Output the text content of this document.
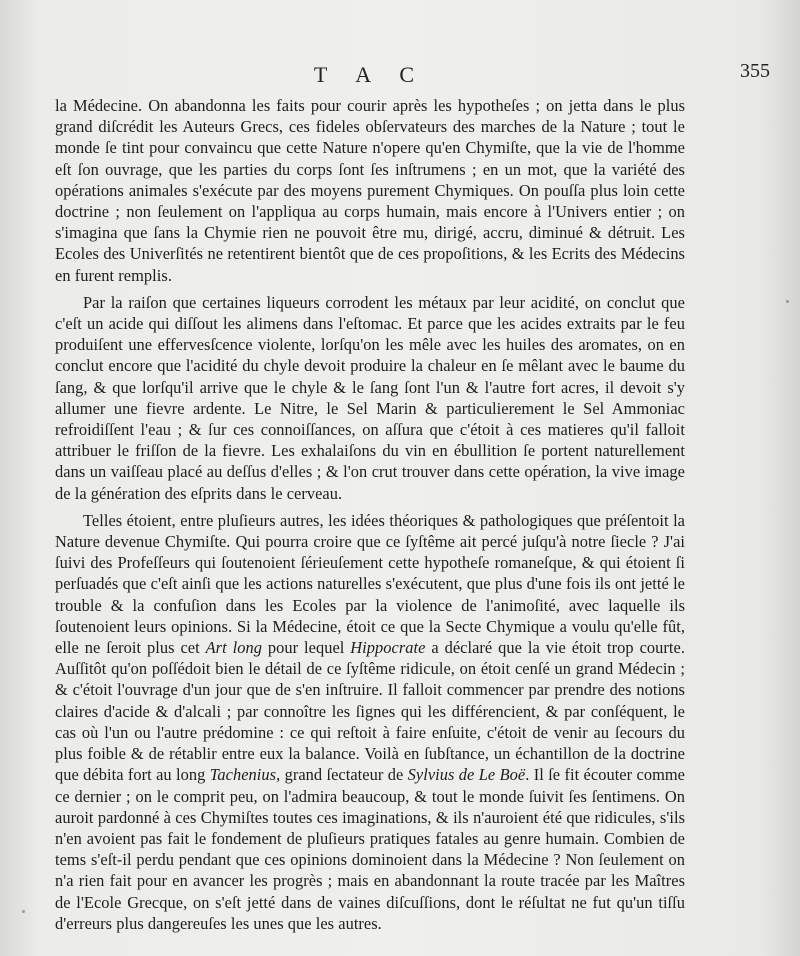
T A C	355

la Médecine. On abandonna les faits pour courir après les hypotheſes ; on jetta dans le plus grand diſcrédit les Auteurs Grecs, ces fideles obſervateurs des marches de la Nature ; tout le monde ſe tint pour convaincu que cette Nature n'opere qu'en Chymiſte, que la vie de l'homme eſt ſon ouvrage, que les parties du corps ſont ſes inſtrumens ; en un mot, que la variété des opérations animales s'exécute par des moyens purement Chymiques. On pouſſa plus loin cette doctrine ; non ſeulement on l'appliqua au corps humain, mais encore à l'Univers entier ; on s'imagina que ſans la Chymie rien ne pouvoit être mu, dirigé, accru, diminué & détruit. Les Ecoles des Univerſités ne retentirent bientôt que de ces propoſitions, & les Ecrits des Médecins en furent remplis.

Par la raiſon que certaines liqueurs corrodent les métaux par leur acidité, on conclut que c'eſt un acide qui diſſout les alimens dans l'eſtomac. Et parce que les acides extraits par le feu produiſent une effervesſcence violente, lorſqu'on les mêle avec les huiles des aromates, on en conclut encore que l'acidité du chyle devoit produire la chaleur en ſe mêlant avec le baume du ſang, & que lorſqu'il arrive que le chyle & le ſang ſont l'un & l'autre fort acres, il devoit s'y allumer une fievre ardente. Le Nitre, le Sel Marin & particulierement le Sel Ammoniac refroidiſſent l'eau ; & ſur ces connoiſſances, on aſſura que c'étoit à ces matieres qu'il falloit attribuer le friſſon de la fievre. Les exhalaiſons du vin en ébullition ſe portent naturellement dans un vaiſſeau placé au deſſus d'elles ; & l'on crut trouver dans cette opération, la vive image de la génération des eſprits dans le cerveau.

Telles étoient, entre pluſieurs autres, les idées théoriques & pathologiques que préſentoit la Nature devenue Chymiſte. Qui pourra croire que ce ſyſtême ait percé juſqu'à notre ſiecle ? J'ai ſuivi des Profeſſeurs qui ſoutenoient ſérieuſement cette hypotheſe romaneſque, & qui étoient ſi perſuadés que c'eſt ainſi que les actions naturelles s'exécutent, que plus d'une fois ils ont jetté le trouble & la confuſion dans les Ecoles par la violence de l'animoſité, avec laquelle ils ſoutenoient leurs opinions. Si la Médecine, étoit ce que la Secte Chymique a voulu qu'elle fût, elle ne ſeroit plus cet Art long pour lequel Hippocrate a déclaré que la vie étoit trop courte. Auſſitôt qu'on poſſédoit bien le détail de ce ſyſtême ridicule, on étoit cenſé un grand Médecin ; & c'étoit l'ouvrage d'un jour que de s'en inſtruire. Il falloit commencer par prendre des notions claires d'acide & d'alcali ; par connoître les ſignes qui les différencient, & par conſéquent, le cas où l'un ou l'autre prédomine : ce qui reſtoit à faire enſuite, c'étoit de venir au ſecours du plus foible & de rétablir entre eux la balance. Voilà en ſubſtance, un échantillon de la doctrine que débita fort au long Tachenius, grand ſectateur de Sylvius de Le Boë. Il ſe fit écouter comme ce dernier ; on le comprit peu, on l'admira beaucoup, & tout le monde ſuivit ſes ſentimens. On auroit pardonné à ces Chymiſtes toutes ces imaginations, & ils n'auroient été que ridicules, s'ils n'en avoient pas fait le fondement de pluſieurs pratiques fatales au genre humain. Combien de tems s'eſt-il perdu pendant que ces opinions dominoient dans la Médecine ? Non ſeulement on n'a rien fait pour en avancer les progrès ; mais en abandonnant la route tracée par les Maîtres de l'Ecole Grecque, on s'eſt jetté dans de vaines diſcuſſions, dont le réſultat ne fut qu'un tiſſu d'erreurs plus dangereuſes les unes que les autres.
